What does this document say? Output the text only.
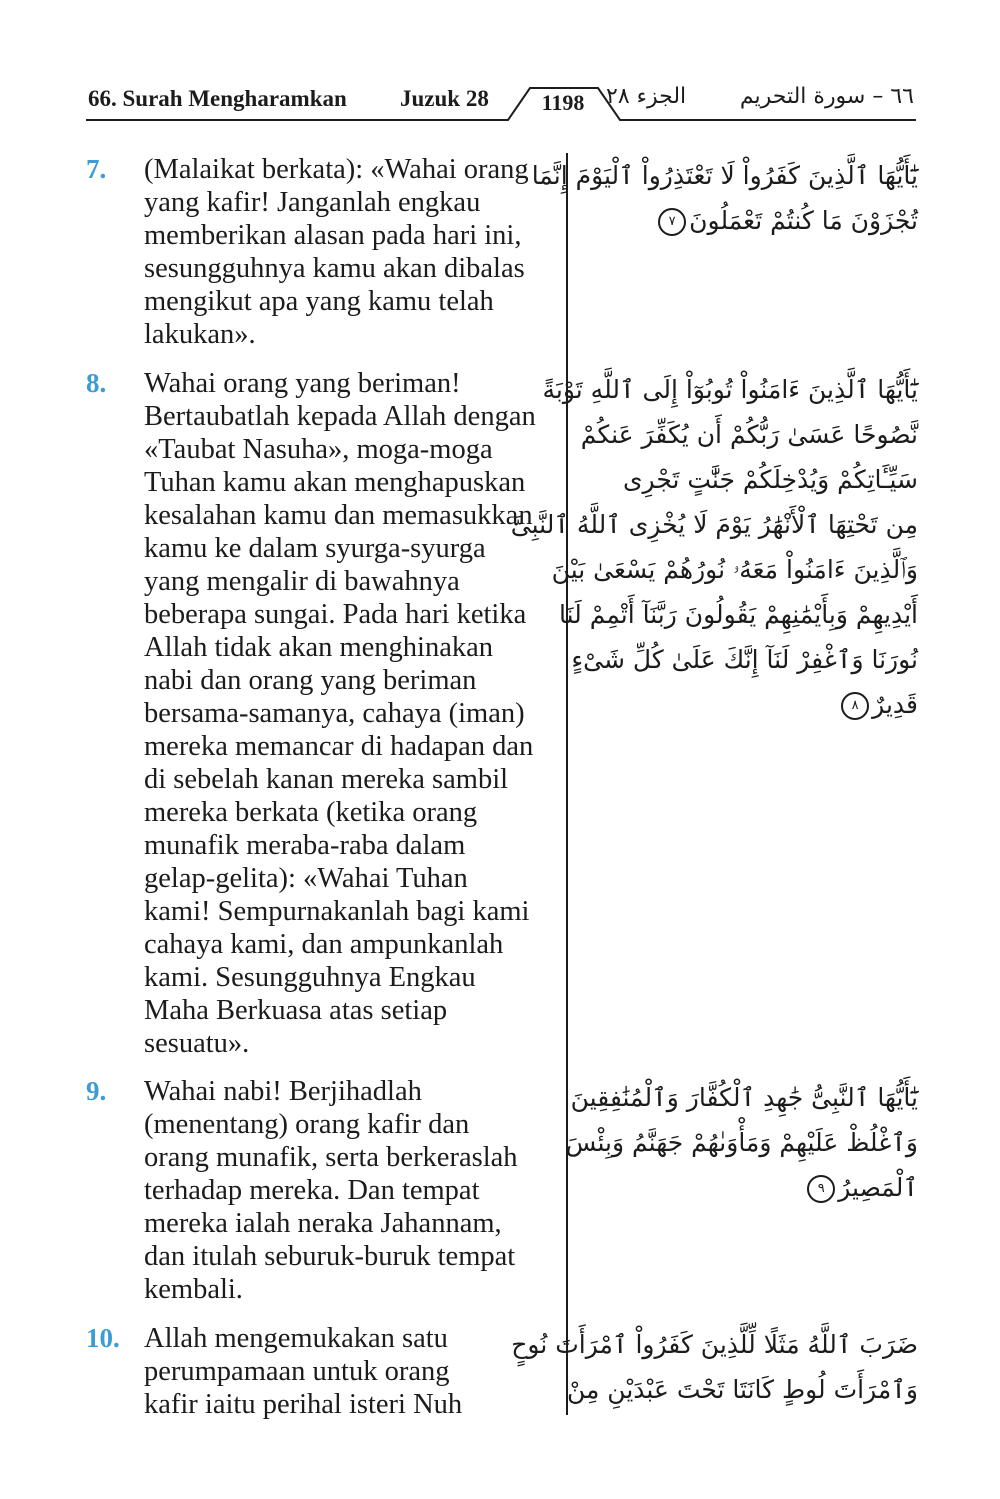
66. Surah Mengharamkan Juzuk 28	1198 الجزء ٢٨ ٦٦ – سورة التحريم
7. (Malaikat berkata): «Wahai orang
yang kafir! Janganlah engkau
memberikan alasan pada hari ini,
sesungguhnya kamu akan dibalas
mengikut apa yang kamu telah
lakukan».
يَٰٓأَيُّهَا ٱلَّذِينَ كَفَرُواْ لَا تَعْتَذِرُواْ ٱلْيَوْمَ إِنَّمَا
تُجْزَوْنَ مَا كُنتُمْ تَعْمَلُونَ٧
8. Wahai orang yang beriman!
Bertaubatlah kepada Allah dengan
«Taubat Nasuha», moga-moga
Tuhan kamu akan menghapuskan
kesalahan kamu dan memasukkan
kamu ke dalam syurga-syurga
yang mengalir di bawahnya
beberapa sungai. Pada hari ketika
Allah tidak akan menghinakan
nabi dan orang yang beriman
bersama-samanya, cahaya (iman)
mereka memancar di hadapan dan
di sebelah kanan mereka sambil
mereka berkata (ketika orang
munafik meraba-raba dalam
gelap-gelita): «Wahai Tuhan
kami! Sempurnakanlah bagi kami
cahaya kami, dan ampunkanlah
kami. Sesungguhnya Engkau
Maha Berkuasa atas setiap
sesuatu».
يَٰٓأَيُّهَا ٱلَّذِينَ ءَامَنُواْ تُوبُوٓاْ إِلَى ٱللَّهِ تَوْبَةً
نَّصُوحًا عَسَىٰ رَبُّكُمْ أَن يُكَفِّرَ عَنكُمْ
سَيِّـَٔاتِكُمْ وَيُدْخِلَكُمْ جَنَّٰتٍ تَجْرِى
مِن تَحْتِهَا ٱلْأَنْهَٰرُ يَوْمَ لَا يُخْزِى ٱللَّهُ ٱلنَّبِىَّ
وَٱلَّذِينَ ءَامَنُواْ مَعَهُۥ نُورُهُمْ يَسْعَىٰ بَيْنَ
أَيْدِيهِمْ وَبِأَيْمَٰنِهِمْ يَقُولُونَ رَبَّنَآ أَتْمِمْ لَنَا
نُورَنَا وَٱغْفِرْ لَنَآ إِنَّكَ عَلَىٰ كُلِّ شَىْءٍ
قَدِيرٌ٨
9. Wahai nabi! Berjihadlah
(menentang) orang kafir dan
orang munafik, serta berkeraslah
terhadap mereka. Dan tempat
mereka ialah neraka Jahannam,
dan itulah seburuk-buruk tempat
kembali.
يَٰٓأَيُّهَا ٱلنَّبِىُّ جَٰهِدِ ٱلْكُفَّارَ وَٱلْمُنَٰفِقِينَ
وَٱغْلُظْ عَلَيْهِمْ وَمَأْوَىٰهُمْ جَهَنَّمُ وَبِئْسَ
ٱلْمَصِيرُ٩
10. Allah mengemukakan satu
perumpamaan untuk orang
kafir iaitu perihal isteri Nuh
ضَرَبَ ٱللَّهُ مَثَلًا لِّلَّذِينَ كَفَرُواْ ٱمْرَأَتَ نُوحٍ
وَٱمْرَأَتَ لُوطٍ كَانَتَا تَحْتَ عَبْدَيْنِ مِنْ
